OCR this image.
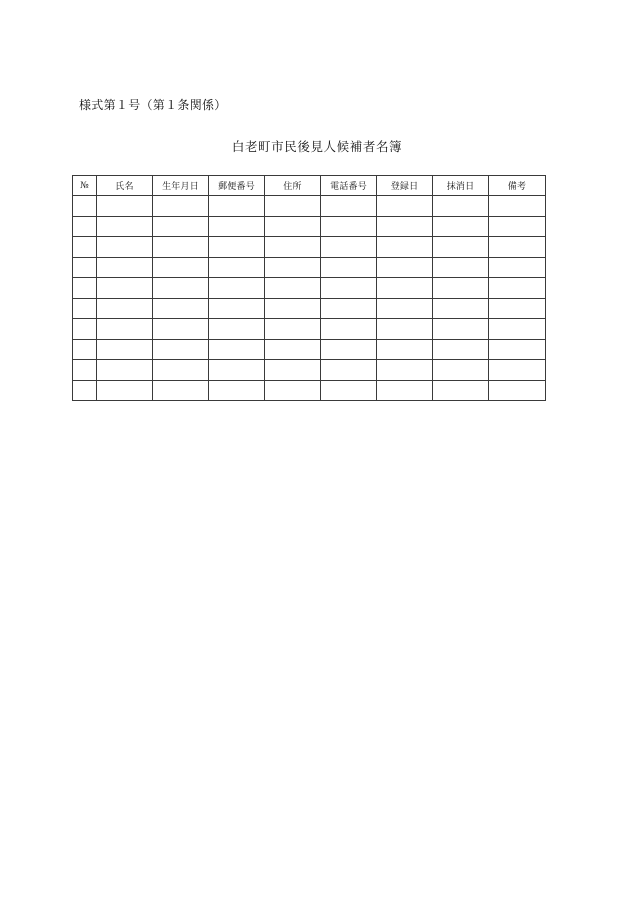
様式第１号（第１条関係）
白老町市民後見人候補者名簿
№	氏名	生年月日	郵便番号	住所	電話番号	登録日	抹消日	備考
